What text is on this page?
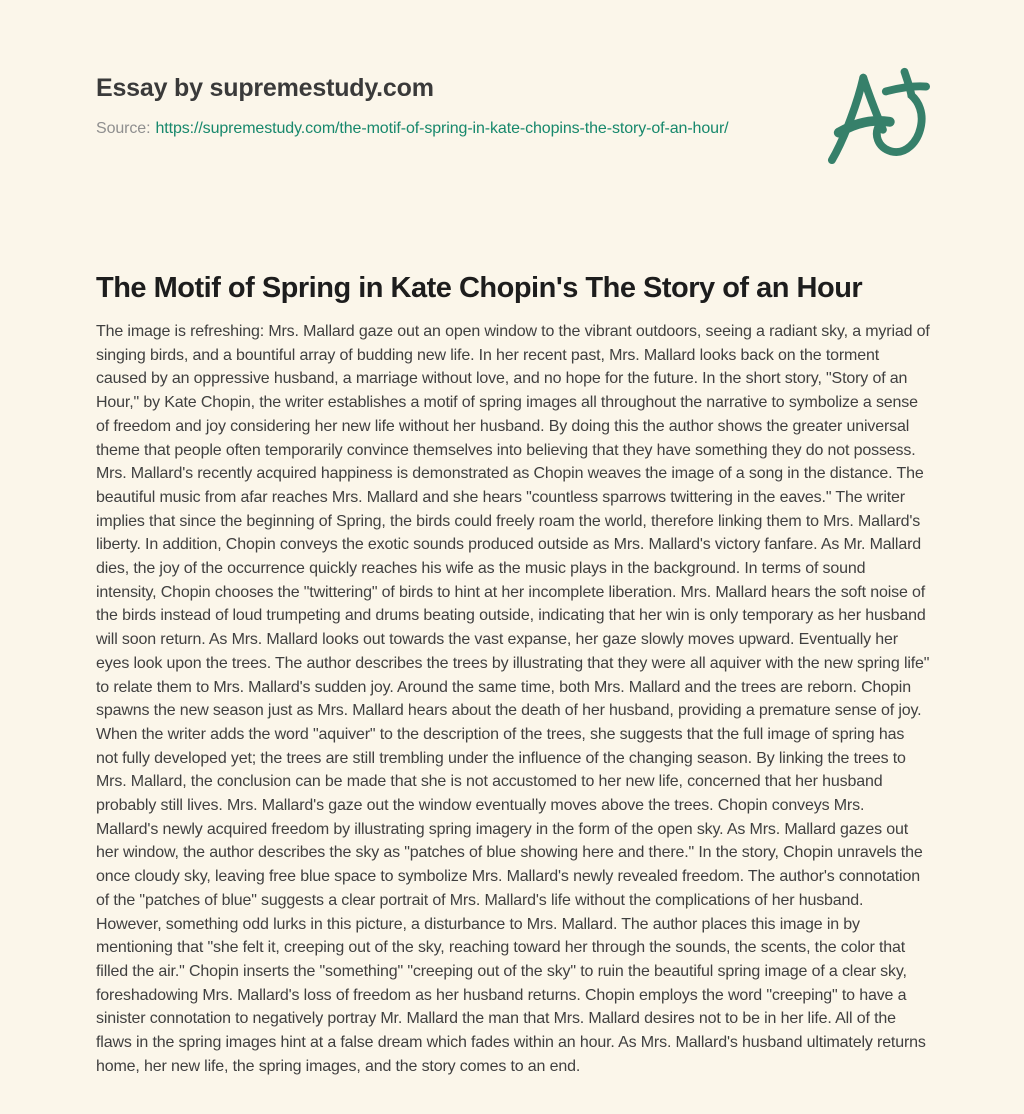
Essay by supremestudy.com
Source: https://supremestudy.com/the-motif-of-spring-in-kate-chopins-the-story-of-an-hour/
The Motif of Spring in Kate Chopin's The Story of an Hour
The image is refreshing: Mrs. Mallard gaze out an open window to the vibrant outdoors, seeing a radiant sky, a myriad of singing birds, and a bountiful array of budding new life. In her recent past, Mrs. Mallard looks back on the torment caused by an oppressive husband, a marriage without love, and no hope for the future. In the short story, "Story of an Hour," by Kate Chopin, the writer establishes a motif of spring images all throughout the narrative to symbolize a sense of freedom and joy considering her new life without her husband. By doing this the author shows the greater universal theme that people often temporarily convince themselves into believing that they have something they do not possess. Mrs. Mallard's recently acquired happiness is demonstrated as Chopin weaves the image of a song in the distance. The beautiful music from afar reaches Mrs. Mallard and she hears "countless sparrows twittering in the eaves." The writer implies that since the beginning of Spring, the birds could freely roam the world, therefore linking them to Mrs. Mallard's liberty. In addition, Chopin conveys the exotic sounds produced outside as Mrs. Mallard's victory fanfare. As Mr. Mallard dies, the joy of the occurrence quickly reaches his wife as the music plays in the background. In terms of sound intensity, Chopin chooses the "twittering" of birds to hint at her incomplete liberation. Mrs. Mallard hears the soft noise of the birds instead of loud trumpeting and drums beating outside, indicating that her win is only temporary as her husband will soon return. As Mrs. Mallard looks out towards the vast expanse, her gaze slowly moves upward. Eventually her eyes look upon the trees. The author describes the trees by illustrating that they were all aquiver with the new spring life" to relate them to Mrs. Mallard's sudden joy. Around the same time, both Mrs. Mallard and the trees are reborn. Chopin spawns the new season just as Mrs. Mallard hears about the death of her husband, providing a premature sense of joy. When the writer adds the word "aquiver" to the description of the trees, she suggests that the full image of spring has not fully developed yet; the trees are still trembling under the influence of the changing season. By linking the trees to Mrs. Mallard, the conclusion can be made that she is not accustomed to her new life, concerned that her husband probably still lives. Mrs. Mallard's gaze out the window eventually moves above the trees. Chopin conveys Mrs. Mallard's newly acquired freedom by illustrating spring imagery in the form of the open sky. As Mrs. Mallard gazes out her window, the author describes the sky as "patches of blue showing here and there." In the story, Chopin unravels the once cloudy sky, leaving free blue space to symbolize Mrs. Mallard's newly revealed freedom. The author's connotation of the "patches of blue" suggests a clear portrait of Mrs. Mallard's life without the complications of her husband. However, something odd lurks in this picture, a disturbance to Mrs. Mallard. The author places this image in by mentioning that "she felt it, creeping out of the sky, reaching toward her through the sounds, the scents, the color that filled the air." Chopin inserts the "something" "creeping out of the sky" to ruin the beautiful spring image of a clear sky, foreshadowing Mrs. Mallard's loss of freedom as her husband returns. Chopin employs the word "creeping" to have a sinister connotation to negatively portray Mr. Mallard the man that Mrs. Mallard desires not to be in her life. All of the flaws in the spring images hint at a false dream which fades within an hour. As Mrs. Mallard's husband ultimately returns home, her new life, the spring images, and the story comes to an end.
